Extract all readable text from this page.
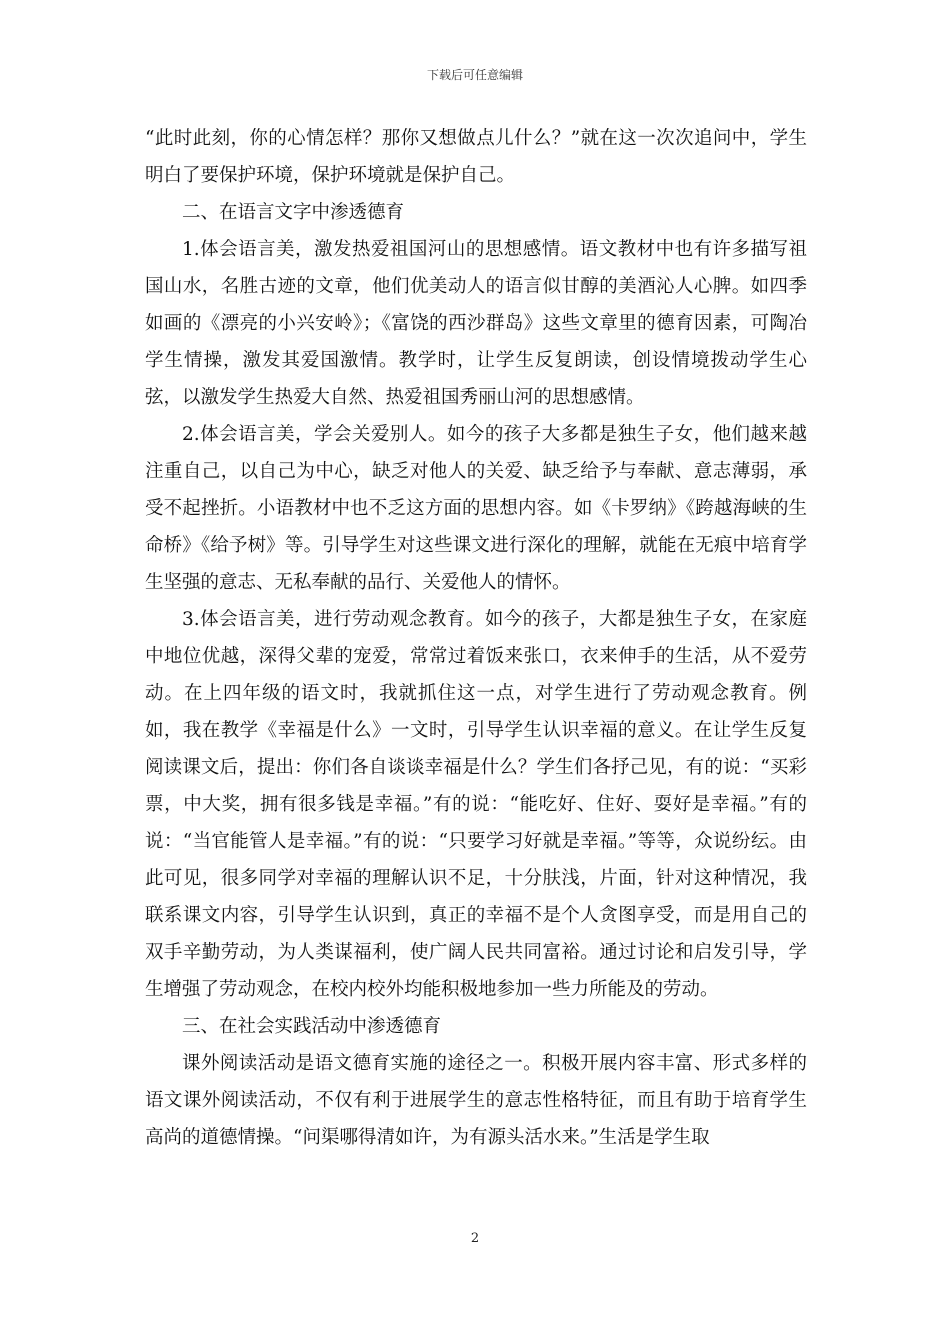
下载后可任意编辑

“此时此刻，你的心情怎样？那你又想做点儿什么？”就在这一次次追问中，学生明白了要保护环境，保护环境就是保护自己。

二、在语言文字中渗透德育

1.体会语言美，激发热爱祖国河山的思想感情。语文教材中也有许多描写祖国山水，名胜古迹的文章，他们优美动人的语言似甘醇的美酒沁人心脾。如四季如画的《漂亮的小兴安岭》；《富饶的西沙群岛》这些文章里的德育因素，可陶冶学生情操，激发其爱国激情。教学时，让学生反复朗读，创设情境拨动学生心弦，以激发学生热爱大自然、热爱祖国秀丽山河的思想感情。

2.体会语言美，学会关爱别人。如今的孩子大多都是独生子女，他们越来越注重自己，以自己为中心，缺乏对他人的关爱、缺乏给予与奉献、意志薄弱，承受不起挫折。小语教材中也不乏这方面的思想内容。如《卡罗纳》《跨越海峡的生命桥》《给予树》等。引导学生对这些课文进行深化的理解，就能在无痕中培育学生坚强的意志、无私奉献的品行、关爱他人的情怀。

3.体会语言美，进行劳动观念教育。如今的孩子，大都是独生子女，在家庭中地位优越，深得父辈的宠爱，常常过着饭来张口，衣来伸手的生活，从不爱劳动。在上四年级的语文时，我就抓住这一点，对学生进行了劳动观念教育。例如，我在教学《幸福是什么》一文时，引导学生认识幸福的意义。在让学生反复阅读课文后，提出：你们各自谈谈幸福是什么？学生们各抒己见，有的说：“买彩票，中大奖，拥有很多钱是幸福。”有的说：“能吃好、住好、耍好是幸福。”有的说：“当官能管人是幸福。”有的说：“只要学习好就是幸福。”等等，众说纷纭。由此可见，很多同学对幸福的理解认识不足，十分肤浅，片面，针对这种情况，我联系课文内容，引导学生认识到，真正的幸福不是个人贪图享受，而是用自己的双手辛勤劳动，为人类谋福利，使广阔人民共同富裕。通过讨论和启发引导，学生增强了劳动观念，在校内校外均能积极地参加一些力所能及的劳动。

三、在社会实践活动中渗透德育

课外阅读活动是语文德育实施的途径之一。积极开展内容丰富、形式多样的语文课外阅读活动，不仅有利于进展学生的意志性格特征，而且有助于培育学生高尚的道德情操。“问渠哪得清如许，为有源头活水来。”生活是学生取

2
